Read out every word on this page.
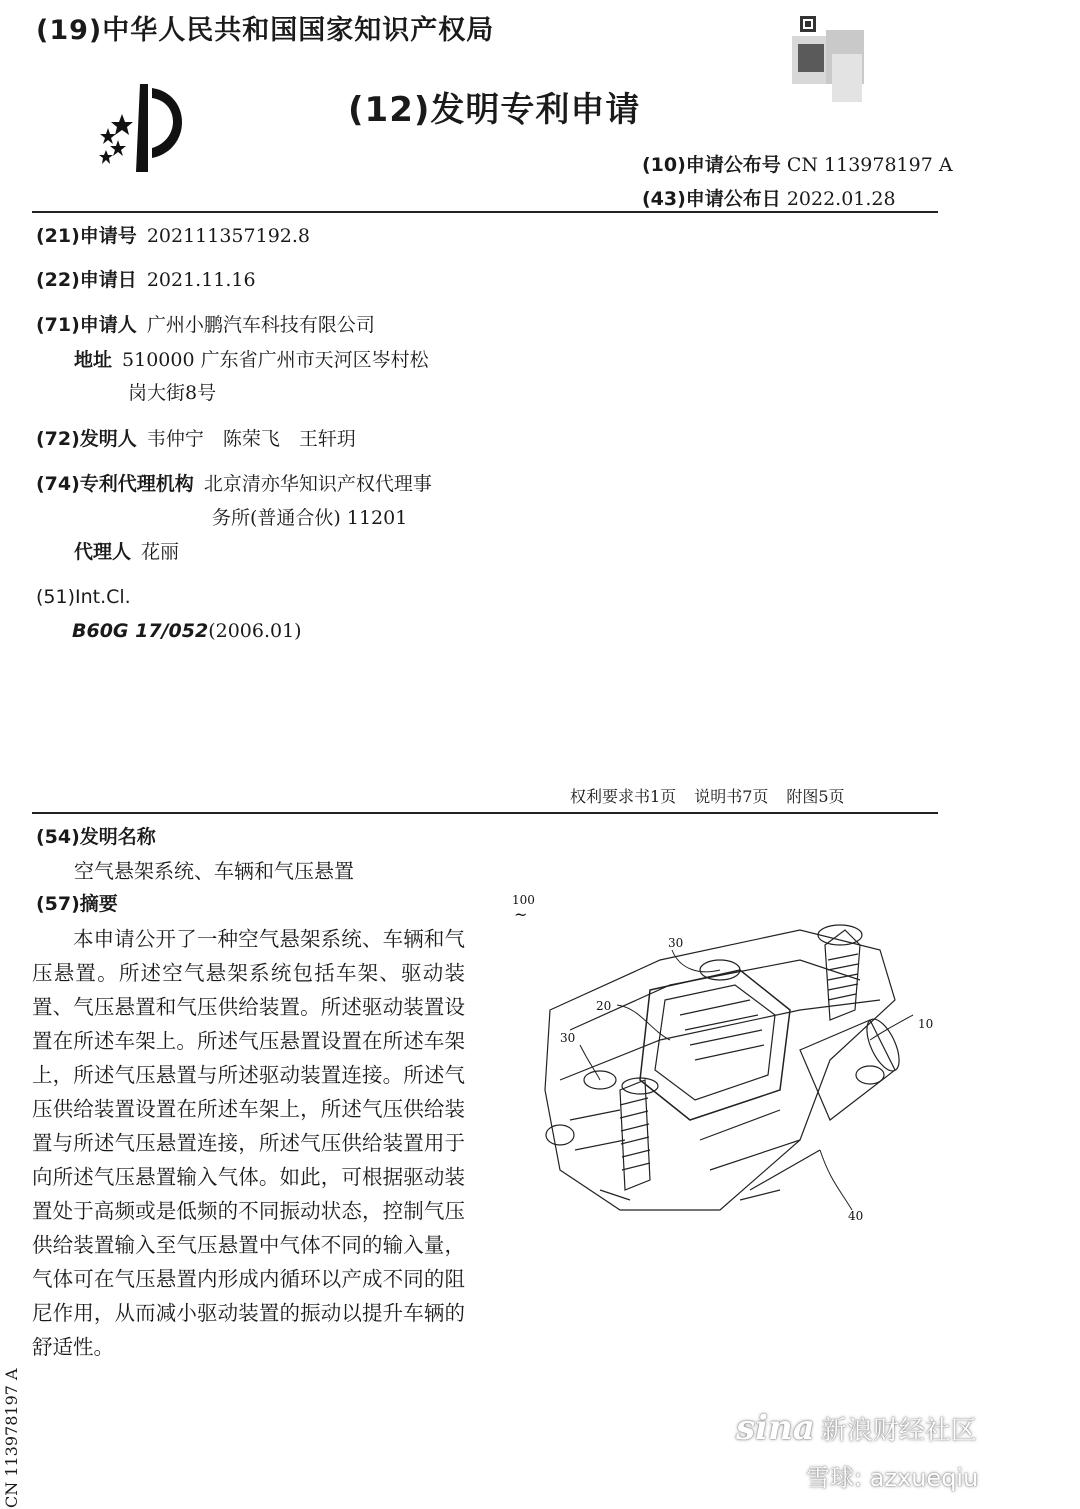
(19)中华人民共和国国家知识产权局
(12)发明专利申请
(10)申请公布号 CN 113978197 A
(43)申请公布日 2022.01.28
(21)申请号 202111357192.8
(22)申请日 2021.11.16
(71)申请人 广州小鹏汽车科技有限公司
地址 510000 广东省广州市天河区岑村松
岗大街8号
(72)发明人 韦仲宁　陈荣飞　王轩玥
(74)专利代理机构 北京清亦华知识产权代理事
务所(普通合伙) 11201
代理人 花丽
(51)Int.Cl.
B60G 17/052(2006.01)
权利要求书1页 说明书7页 附图5页
(54)发明名称
空气悬架系统、车辆和气压悬置
(57)摘要
本申请公开了一种空气悬架系统、车辆和气压悬置。所述空气悬架系统包括车架、驱动装置、气压悬置和气压供给装置。所述驱动装置设置在所述车架上。所述气压悬置设置在所述车架上，所述气压悬置与所述驱动装置连接。所述气压供给装置设置在所述车架上，所述气压供给装置与所述气压悬置连接，所述气压供给装置用于向所述气压悬置输入气体。如此，可根据驱动装置处于高频或是低频的不同振动状态，控制气压供给装置输入至气压悬置中气体不同的输入量，气体可在气压悬置内形成内循环以产成不同的阻尼作用，从而减小驱动装置的振动以提升车辆的舒适性。
100
~
30
20
30
10
40
CN 113978197 A	sina 新浪财经社区
雪球: azxueqiu
